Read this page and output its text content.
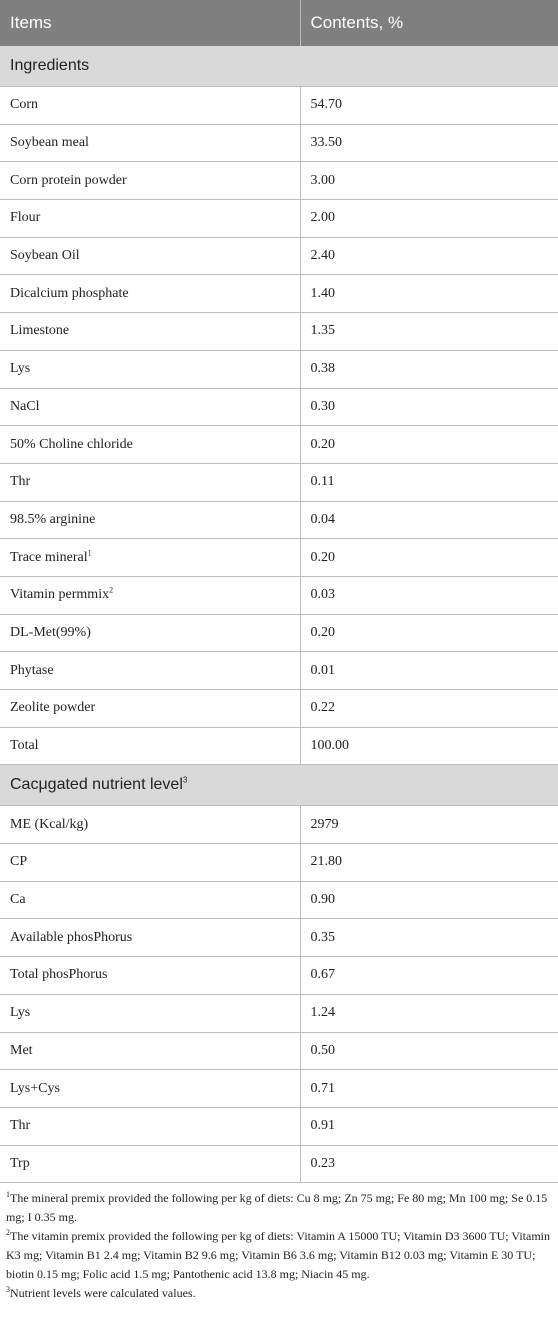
Items	Contents, %
Ingredients	
Corn	54.70
Soybean meal	33.50
Corn protein powder	3.00
Flour	2.00
Soybean Oil	2.40
Dicalcium phosphate	1.40
Limestone	1.35
Lys	0.38
NaCl	0.30
50% Choline chloride	0.20
Thr	0.11
98.5% arginine	0.04
Trace mineral$^1$	0.20
Vitamin permmix$^2$	0.03
DL-Met(99%)	0.20
Phytase	0.01
Zeolite powder	0.22
Total	100.00
Cacμgated nutrient level$^3$
ME (Kcal/kg)	2979
CP	21.80
Ca	0.90
Available phosPhorus	0.35
Total phosPhorus	0.67
Lys	1.24
Met	0.50
Lys+Cys	0.71
Thr	0.91
Trp	0.23

$^1$The mineral premix provided the following per kg of diets: Cu 8 mg; Zn 75 mg; Fe 80 mg; Mn 100 mg; Se 0.15 mg; I 0.35 mg.

$^2$The vitamin premix provided the following per kg of diets: Vitamin A 15000 TU; Vitamin D3 3600 TU; Vitamin K3 mg; Vitamin B1 2.4 mg; Vitamin B2 9.6 mg; Vitamin B6 3.6 mg; Vitamin B12 0.03 mg; Vitamin E 30 TU; biotin 0.15 mg; Folic acid 1.5 mg; Pantothenic acid 13.8 mg; Niacin 45 mg.

$^3$Nutrient levels were calculated values.
